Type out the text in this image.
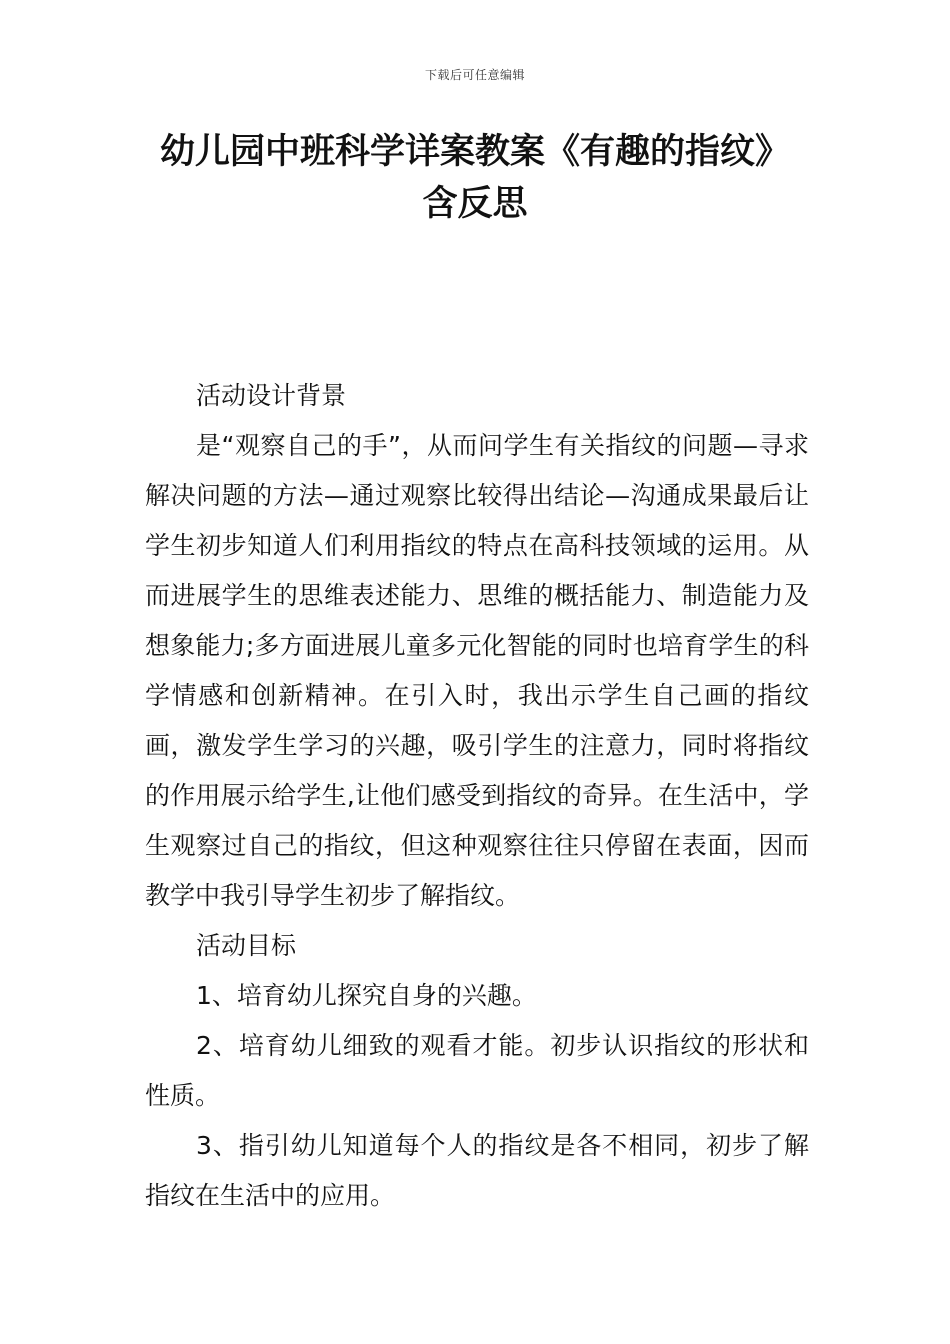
下载后可任意编辑
幼儿园中班科学详案教案《有趣的指纹》
含反思

活动设计背景

是“观察自己的手”，从而问学生有关指纹的问题—寻求解决问题的方法—通过观察比较得出结论—沟通成果最后让学生初步知道人们利用指纹的特点在高科技领域的运用。从而进展学生的思维表述能力、思维的概括能力、制造能力及想象能力;多方面进展儿童多元化智能的同时也培育学生的科学情感和创新精神。在引入时，我出示学生自己画的指纹画，激发学生学习的兴趣，吸引学生的注意力，同时将指纹的作用展示给学生,让他们感受到指纹的奇异。在生活中，学生观察过自己的指纹，但这种观察往往只停留在表面，因而教学中我引导学生初步了解指纹。

活动目标

1、培育幼儿探究自身的兴趣。

2、培育幼儿细致的观看才能。初步认识指纹的形状和性质。

3、指引幼儿知道每个人的指纹是各不相同，初步了解指纹在生活中的应用。
